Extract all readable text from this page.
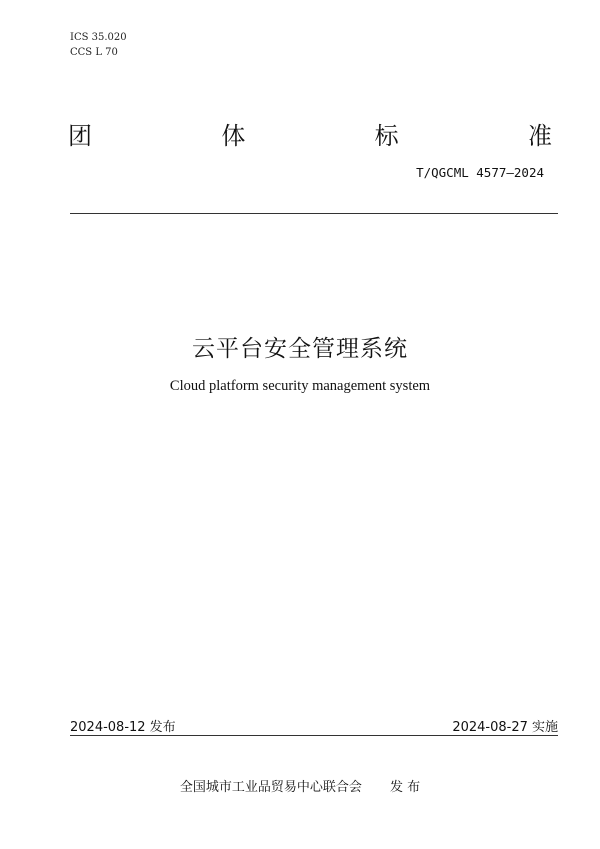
ICS 35.020
CCS L 70
团	体	标	准
T/QGCML 4577—2024
云平台安全管理系统
Cloud platform security management system
2024-08-12 发布	2024-08-27 实施
全国城市工业品贸易中心联合会 发 布
